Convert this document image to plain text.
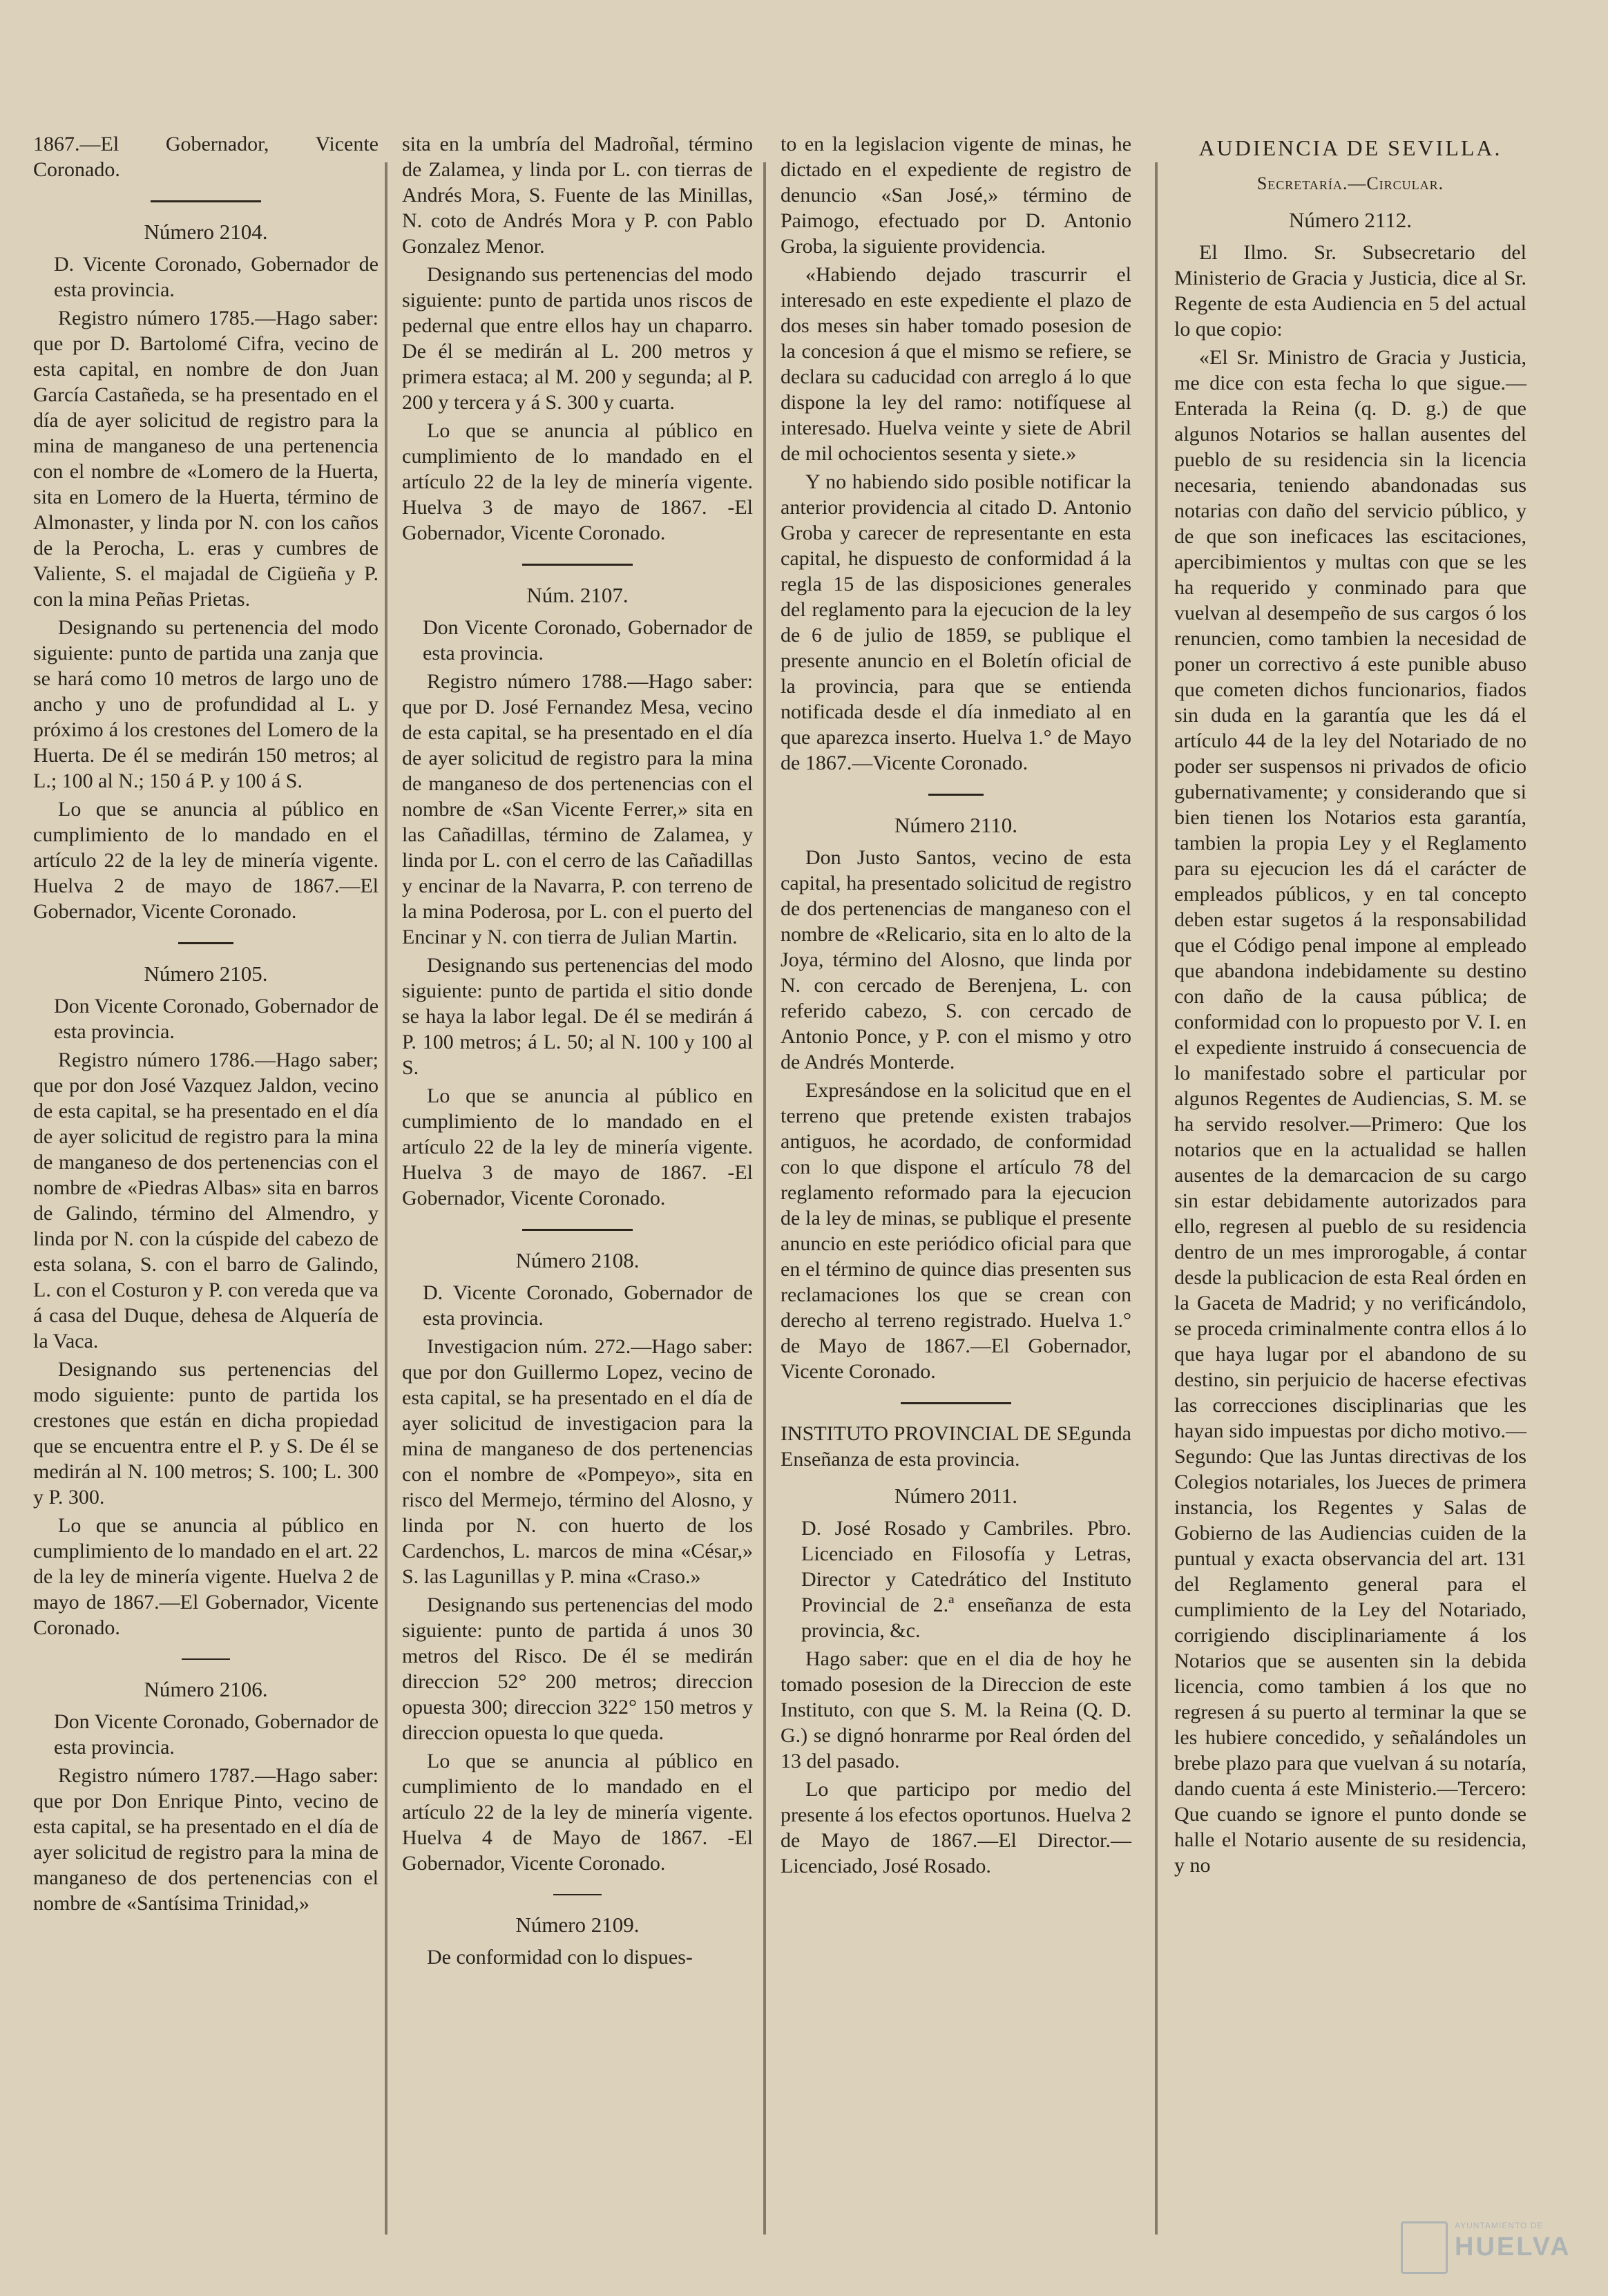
1867.—El Gobernador, Vicente Coronado.

Número 2104.

D. Vicente Coronado, Gobernador de esta provincia.

Registro número 1785.—Hago saber: que por D. Bartolomé Cifra, vecino de esta capital, en nombre de don Juan García Castañeda, se ha presentado en el día de ayer solicitud de registro para la mina de manganeso de una pertenencia con el nombre de «Lomero de la Huerta, sita en Lomero de la Huerta, término de Almonaster, y linda por N. con los caños de la Perocha, L. eras y cumbres de Valiente, S. el majadal de Cigüeña y P. con la mina Peñas Prietas.

Designando su pertenencia del modo siguiente: punto de partida una zanja que se hará como 10 metros de largo uno de ancho y uno de profundidad al L. y próximo á los crestones del Lomero de la Huerta. De él se medirán 150 metros; al L.; 100 al N.; 150 á P. y 100 á S.

Lo que se anuncia al público en cumplimiento de lo mandado en el artículo 22 de la ley de minería vigente. Huelva 2 de mayo de 1867.—El Gobernador, Vicente Coronado.

Número 2105.

Don Vicente Coronado, Gobernador de esta provincia.

Registro número 1786.—Hago saber; que por don José Vazquez Jaldon, vecino de esta capital, se ha presentado en el día de ayer solicitud de registro para la mina de manganeso de dos pertenencias con el nombre de «Piedras Albas» sita en barros de Galindo, término del Almendro, y linda por N. con la cúspide del cabezo de esta solana, S. con el barro de Galindo, L. con el Costuron y P. con vereda que va á casa del Duque, dehesa de Alquería de la Vaca.

Designando sus pertenencias del modo siguiente: punto de partida los crestones que están en dicha propiedad que se encuentra entre el P. y S. De él se medirán al N. 100 metros; S. 100; L. 300 y P. 300.

Lo que se anuncia al público en cumplimiento de lo mandado en el art. 22 de la ley de minería vigente. Huelva 2 de mayo de 1867.—El Gobernador, Vicente Coronado.

Número 2106.

Don Vicente Coronado, Gobernador de esta provincia.

Registro número 1787.—Hago saber: que por Don Enrique Pinto, vecino de esta capital, se ha presentado en el día de ayer solicitud de registro para la mina de manganeso de dos pertenencias con el nombre de «Santísima Trinidad,»

sita en la umbría del Madroñal, término de Zalamea, y linda por L. con tierras de Andrés Mora, S. Fuente de las Minillas, N. coto de Andrés Mora y P. con Pablo Gonzalez Menor.

Designando sus pertenencias del modo siguiente: punto de partida unos riscos de pedernal que entre ellos hay un chaparro. De él se medirán al L. 200 metros y primera estaca; al M. 200 y segunda; al P. 200 y tercera y á S. 300 y cuarta.

Lo que se anuncia al público en cumplimiento de lo mandado en el artículo 22 de la ley de minería vigente. Huelva 3 de mayo de 1867. -El Gobernador, Vicente Coronado.

Núm. 2107.

Don Vicente Coronado, Gobernador de esta provincia.

Registro número 1788.—Hago saber: que por D. José Fernandez Mesa, vecino de esta capital, se ha presentado en el día de ayer solicitud de registro para la mina de manganeso de dos pertenencias con el nombre de «San Vicente Ferrer,» sita en las Cañadillas, término de Zalamea, y linda por L. con el cerro de las Cañadillas y encinar de la Navarra, P. con terreno de la mina Poderosa, por L. con el puerto del Encinar y N. con tierra de Julian Martin.

Designando sus pertenencias del modo siguiente: punto de partida el sitio donde se haya la labor legal. De él se medirán á P. 100 metros; á L. 50; al N. 100 y 100 al S.

Lo que se anuncia al público en cumplimiento de lo mandado en el artículo 22 de la ley de minería vigente. Huelva 3 de mayo de 1867. -El Gobernador, Vicente Coronado.

Número 2108.

D. Vicente Coronado, Gobernador de esta provincia.

Investigacion núm. 272.—Hago saber: que por don Guillermo Lopez, vecino de esta capital, se ha presentado en el día de ayer solicitud de investigacion para la mina de manganeso de dos pertenencias con el nombre de «Pompeyo», sita en risco del Mermejo, término del Alosno, y linda por N. con huerto de los Cardenchos, L. marcos de mina «César,» S. las Lagunillas y P. mina «Craso.»

Designando sus pertenencias del modo siguiente: punto de partida á unos 30 metros del Risco. De él se medirán direccion 52° 200 metros; direccion opuesta 300; direccion 322° 150 metros y direccion opuesta lo que queda.

Lo que se anuncia al público en cumplimiento de lo mandado en el artículo 22 de la ley de minería vigente. Huelva 4 de Mayo de 1867. -El Gobernador, Vicente Coronado.

Número 2109.

De conformidad con lo dispues-

to en la legislacion vigente de minas, he dictado en el expediente de registro de denuncio «San José,» término de Paimogo, efectuado por D. Antonio Groba, la siguiente providencia.

«Habiendo dejado trascurrir el interesado en este expediente el plazo de dos meses sin haber tomado posesion de la concesion á que el mismo se refiere, se declara su caducidad con arreglo á lo que dispone la ley del ramo: notifíquese al interesado. Huelva veinte y siete de Abril de mil ochocientos sesenta y siete.»

Y no habiendo sido posible notificar la anterior providencia al citado D. Antonio Groba y carecer de representante en esta capital, he dispuesto de conformidad á la regla 15 de las disposiciones generales del reglamento para la ejecucion de la ley de 6 de julio de 1859, se publique el presente anuncio en el Boletín oficial de la provincia, para que se entienda notificada desde el día inmediato al en que aparezca inserto. Huelva 1.° de Mayo de 1867.—Vicente Coronado.

Número 2110.

Don Justo Santos, vecino de esta capital, ha presentado solicitud de registro de dos pertenencias de manganeso con el nombre de «Relicario, sita en lo alto de la Joya, término del Alosno, que linda por N. con cercado de Berenjena, L. con referido cabezo, S. con cercado de Antonio Ponce, y P. con el mismo y otro de Andrés Monterde.

Expresándose en la solicitud que en el terreno que pretende existen trabajos antiguos, he acordado, de conformidad con lo que dispone el artículo 78 del reglamento reformado para la ejecucion de la ley de minas, se publique el presente anuncio en este periódico oficial para que en el término de quince dias presenten sus reclamaciones los que se crean con derecho al terreno registrado. Huelva 1.° de Mayo de 1867.—El Gobernador, Vicente Coronado.

INSTITUTO PROVINCIAL DE SEgunda Enseñanza de esta provincia.

Número 2011.

D. José Rosado y Cambriles. Pbro. Licenciado en Filosofía y Letras, Director y Catedrático del Instituto Provincial de 2.ª enseñanza de esta provincia, &c.

Hago saber: que en el dia de hoy he tomado posesion de la Direccion de este Instituto, con que S. M. la Reina (Q. D. G.) se dignó honrarme por Real órden del 13 del pasado.

Lo que participo por medio del presente á los efectos oportunos. Huelva 2 de Mayo de 1867.—El Director.—Licenciado, José Rosado.

AUDIENCIA DE SEVILLA.
Secretaría.—Circular.
Número 2112.

El Ilmo. Sr. Subsecretario del Ministerio de Gracia y Justicia, dice al Sr. Regente de esta Audiencia en 5 del actual lo que copio:

«El Sr. Ministro de Gracia y Justicia, me dice con esta fecha lo que sigue.—Enterada la Reina (q. D. g.) de que algunos Notarios se hallan ausentes del pueblo de su residencia sin la licencia necesaria, teniendo abandonadas sus notarias con daño del servicio público, y de que son ineficaces las escitaciones, apercibimientos y multas con que se les ha requerido y conminado para que vuelvan al desempeño de sus cargos ó los renuncien, como tambien la necesidad de poner un correctivo á este punible abuso que cometen dichos funcionarios, fiados sin duda en la garantía que les dá el artículo 44 de la ley del Notariado de no poder ser suspensos ni privados de oficio gubernativamente; y considerando que si bien tienen los Notarios esta garantía, tambien la propia Ley y el Reglamento para su ejecucion les dá el carácter de empleados públicos, y en tal concepto deben estar sugetos á la responsabilidad que el Código penal impone al empleado que abandona indebidamente su destino con daño de la causa pública; de conformidad con lo propuesto por V. I. en el expediente instruido á consecuencia de lo manifestado sobre el particular por algunos Regentes de Audiencias, S. M. se ha servido resolver.—Primero: Que los notarios que en la actualidad se hallen ausentes de la demarcacion de su cargo sin estar debidamente autorizados para ello, regresen al pueblo de su residencia dentro de un mes improrogable, á contar desde la publicacion de esta Real órden en la Gaceta de Madrid; y no verificándolo, se proceda criminalmente contra ellos á lo que haya lugar por el abandono de su destino, sin perjuicio de hacerse efectivas las correcciones disciplinarias que les hayan sido impuestas por dicho motivo.—Segundo: Que las Juntas directivas de los Colegios notariales, los Jueces de primera instancia, los Regentes y Salas de Gobierno de las Audiencias cuiden de la puntual y exacta observancia del art. 131 del Reglamento general para el cumplimiento de la Ley del Notariado, corrigiendo disciplinariamente á los Notarios que se ausenten sin la debida licencia, como tambien á los que no regresen á su puerto al terminar la que se les hubiere concedido, y señalándoles un brebe plazo para que vuelvan á su notaría, dando cuenta á este Ministerio.—Tercero: Que cuando se ignore el punto donde se halle el Notario ausente de su residencia, y no

AYUNTAMIENTO DE
HUELVA
